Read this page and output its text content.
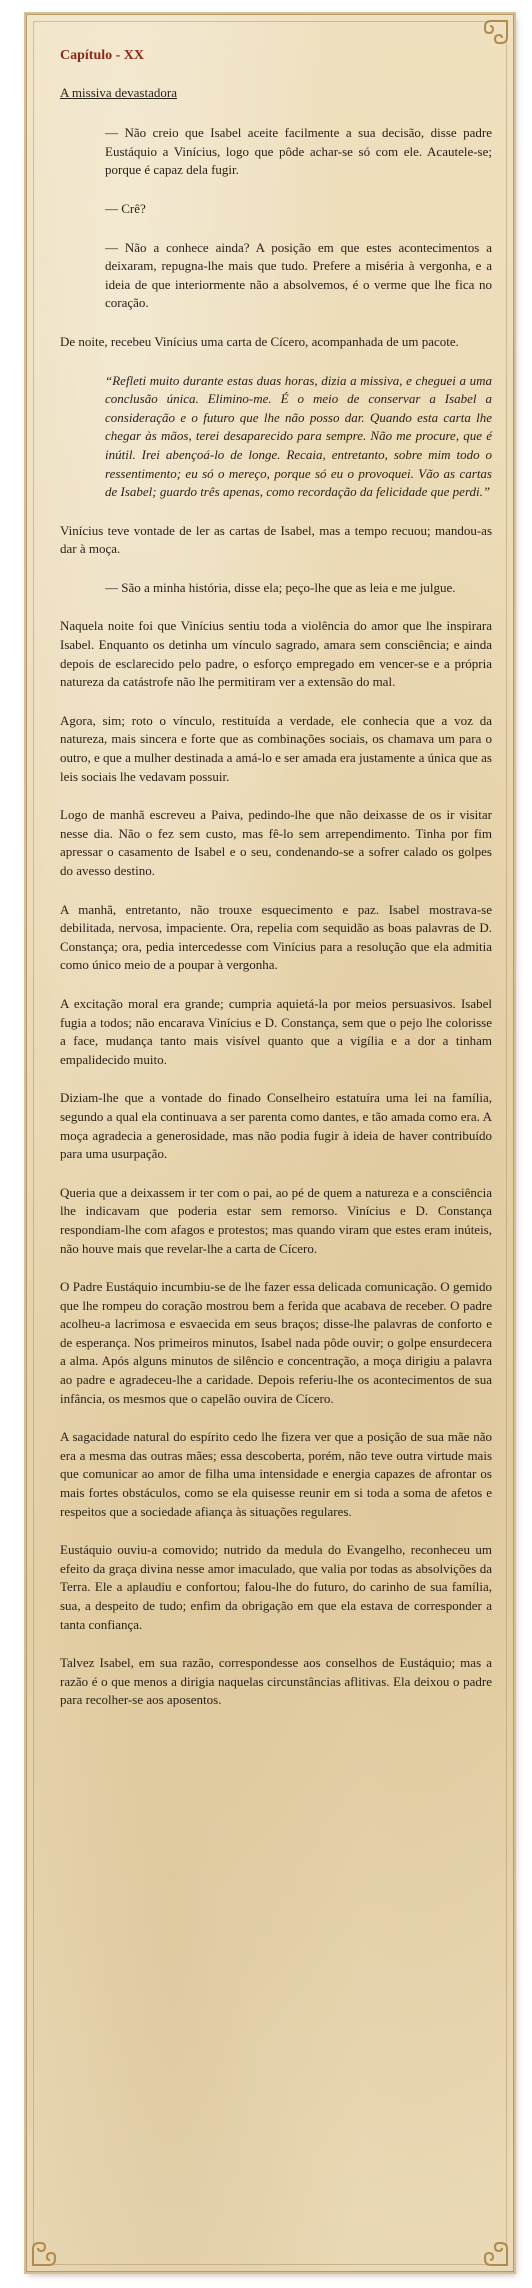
Capítulo - XX
A missiva devastadora

— Não creio que Isabel aceite facilmente a sua decisão, disse padre Eustáquio a Vinícius, logo que pôde achar-se só com ele. Acautele-se; porque é capaz dela fugir.

— Crê?

— Não a conhece ainda? A posição em que estes acontecimentos a deixaram, repugna-lhe mais que tudo. Prefere a miséria à vergonha, e a ideia de que interiormente não a absolvemos, é o verme que lhe fica no coração.

De noite, recebeu Vinícius uma carta de Cícero, acompanhada de um pacote.

“Refleti muito durante estas duas horas, dizia a missiva, e cheguei a uma conclusão única. Elimino-me. É o meio de conservar a Isabel a consideração e o futuro que lhe não posso dar. Quando esta carta lhe chegar às mãos, terei desaparecido para sempre. Não me procure, que é inútil. Irei abençoá-lo de longe. Recaia, entretanto, sobre mim todo o ressentimento; eu só o mereço, porque só eu o provoquei. Vão as cartas de Isabel; guardo três apenas, como recordação da felicidade que perdi.”

Vinícius teve vontade de ler as cartas de Isabel, mas a tempo recuou; mandou-as dar à moça.

— São a minha história, disse ela; peço-lhe que as leia e me julgue.

Naquela noite foi que Vinícius sentiu toda a violência do amor que lhe inspirara Isabel. Enquanto os detinha um vínculo sagrado, amara sem consciência; e ainda depois de esclarecido pelo padre, o esforço empregado em vencer-se e a própria natureza da catástrofe não lhe permitiram ver a extensão do mal.

Agora, sim; roto o vínculo, restituída a verdade, ele conhecia que a voz da natureza, mais sincera e forte que as combinações sociais, os chamava um para o outro, e que a mulher destinada a amá-lo e ser amada era justamente a única que as leis sociais lhe vedavam possuir.

Logo de manhã escreveu a Paiva, pedindo-lhe que não deixasse de os ir visitar nesse dia. Não o fez sem custo, mas fê-lo sem arrependimento. Tinha por fim apressar o casamento de Isabel e o seu, condenando-se a sofrer calado os golpes do avesso destino.

A manhã, entretanto, não trouxe esquecimento e paz. Isabel mostrava-se debilitada, nervosa, impaciente. Ora, repelia com sequidão as boas palavras de D. Constança; ora, pedia intercedesse com Vinícius para a resolução que ela admitia como único meio de a poupar à vergonha.

A excitação moral era grande; cumpria aquietá-la por meios persuasivos. Isabel fugia a todos; não encarava Vinícius e D. Constança, sem que o pejo lhe colorisse a face, mudança tanto mais visível quanto que a vigília e a dor a tinham empalidecido muito.

Diziam-lhe que a vontade do finado Conselheiro estatuíra uma lei na família, segundo a qual ela continuava a ser parenta como dantes, e tão amada como era. A moça agradecia a generosidade, mas não podia fugir à ideia de haver contribuído para uma usurpação.

Queria que a deixassem ir ter com o pai, ao pé de quem a natureza e a consciência lhe indicavam que poderia estar sem remorso. Vinícius e D. Constança respondiam-lhe com afagos e protestos; mas quando viram que estes eram inúteis, não houve mais que revelar-lhe a carta de Cícero.

O Padre Eustáquio incumbiu-se de lhe fazer essa delicada comunicação. O gemido que lhe rompeu do coração mostrou bem a ferida que acabava de receber. O padre acolheu-a lacrimosa e esvaecida em seus braços; disse-lhe palavras de conforto e de esperança. Nos primeiros minutos, Isabel nada pôde ouvir; o golpe ensurdecera a alma. Após alguns minutos de silêncio e concentração, a moça dirigiu a palavra ao padre e agradeceu-lhe a caridade. Depois referiu-lhe os acontecimentos de sua infância, os mesmos que o capelão ouvira de Cícero.

A sagacidade natural do espírito cedo lhe fizera ver que a posição de sua mãe não era a mesma das outras mães; essa descoberta, porém, não teve outra virtude mais que comunicar ao amor de filha uma intensidade e energia capazes de afrontar os mais fortes obstáculos, como se ela quisesse reunir em si toda a soma de afetos e respeitos que a sociedade afiança às situações regulares.

Eustáquio ouviu-a comovido; nutrido da medula do Evangelho, reconheceu um efeito da graça divina nesse amor imaculado, que valia por todas as absolvições da Terra. Ele a aplaudiu e confortou; falou-lhe do futuro, do carinho de sua família, sua, a despeito de tudo; enfim da obrigação em que ela estava de corresponder a tanta confiança.

Talvez Isabel, em sua razão, correspondesse aos conselhos de Eustáquio; mas a razão é o que menos a dirigia naquelas circunstâncias aflitivas. Ela deixou o padre para recolher-se aos aposentos.
